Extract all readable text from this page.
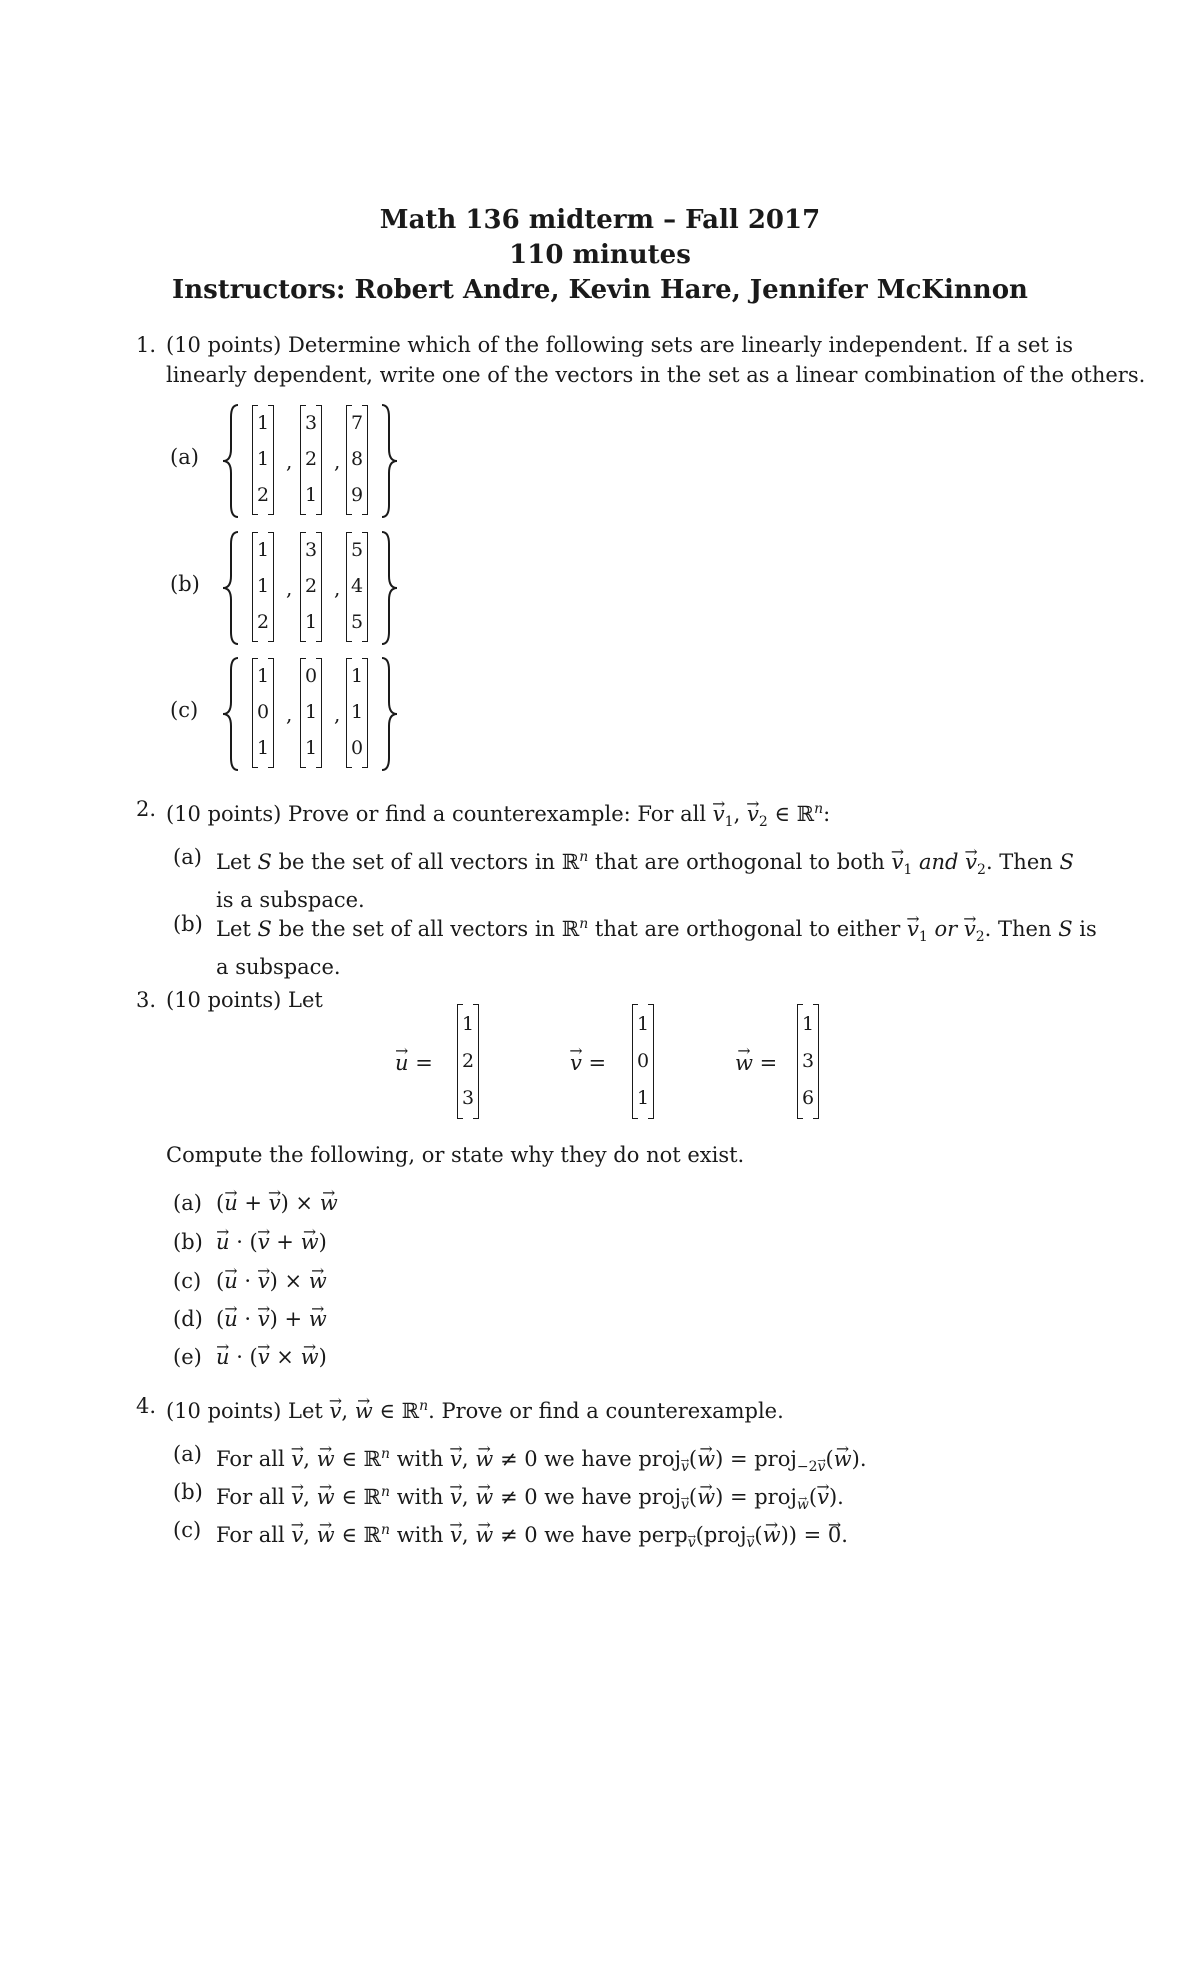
Math 136 midterm – Fall 2017
110 minutes
Instructors: Robert Andre, Kevin Hare, Jennifer McKinnon
1. (10 points) Determine which of the following sets are linearly independent. If a set is
linearly dependent, write one of the vectors in the set as a linear combination of the others.
(a)
1
1
2
,
3
2
1
,
7
8
9
(b)
1
1
2
,
3
2
1
,
5
4
5
(c)
1
0
1
,
0
1
1
,
1
1
0
2. (10 points) Prove or find a counterexample: For all → $v_1$, → $v_2$ ∈ ℝ$^n$:
(a) Let S be the set of all vectors in ℝ$^n$ that are orthogonal to both → $v_1$ and → $v_2$. Then S
is a subspace.
(b) Let S be the set of all vectors in ℝ$^n$ that are orthogonal to either → $v_1$ or → $v_2$. Then S is
a subspace.
3. (10 points) Let
→ u =
1
2
3
→ v =
1
0
1
→ w =
1
3
6
Compute the following, or state why they do not exist.
(a) (→ u + → v) × → w
(b) → u · (→ v + → w)
(c) (→ u · → v) × → w
(d) (→ u · → v) + → w
(e) → u · (→ v × → w)
4. (10 points) Let → v, → w ∈ ℝ$^n$. Prove or find a counterexample.
(a) For all → v, → w ∈ ℝ$^n$ with → v, → w ≠ 0 we have proj→ $_v$(→ w) = proj$_{-2\to v}$(→ w).
(b) For all → v, → w ∈ ℝ$^n$ with → v, → w ≠ 0 we have proj→ $_v$(→ w) = proj→ $_w$(→ v).
(c) For all → v, → w ∈ ℝ$^n$ with → v, → w ≠ 0 we have perp→ $_v$(proj→ $_v$(→ w)) = → 0.
